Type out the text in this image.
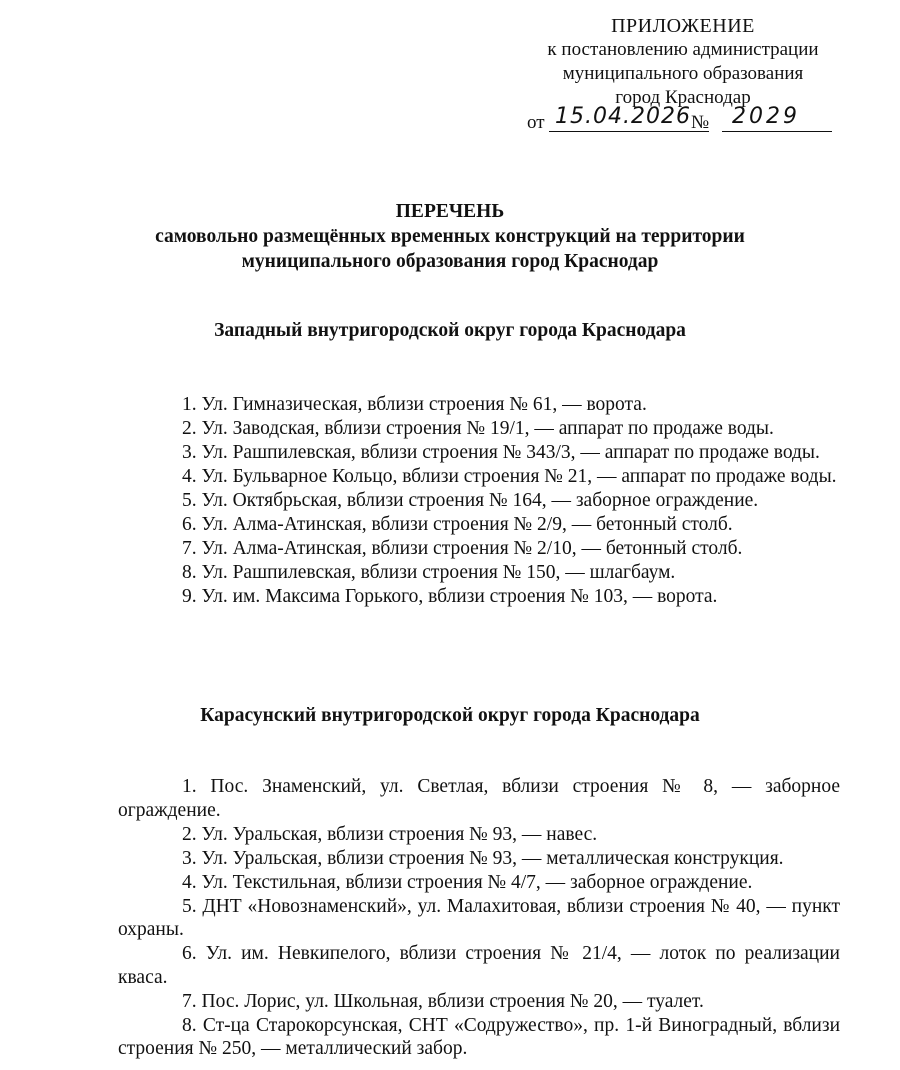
ПРИЛОЖЕНИЕ
к постановлению администрации
муниципального образования
город Краснодар
от 15.04.2026 №	2029
ПЕРЕЧЕНЬ
самовольно размещённых временных конструкций на территории
муниципального образования город Краснодар
Западный внутригородской округ города Краснодара
1. Ул. Гимназическая, вблизи строения № 61, — ворота.
2. Ул. Заводская, вблизи строения № 19/1, — аппарат по продаже воды.
3. Ул. Рашпилевская, вблизи строения № 343/3, — аппарат по продаже воды.
4. Ул. Бульварное Кольцо, вблизи строения № 21, — аппарат по продаже воды.
5. Ул. Октябрьская, вблизи строения № 164, — заборное ограждение.
6. Ул. Алма-Атинская, вблизи строения № 2/9, — бетонный столб.
7. Ул. Алма-Атинская, вблизи строения № 2/10, — бетонный столб.
8. Ул. Рашпилевская, вблизи строения № 150, — шлагбаум.
9. Ул. им. Максима Горького, вблизи строения № 103, — ворота.
Карасунский внутригородской округ города Краснодара
1. Пос. Знаменский, ул. Светлая, вблизи строения № 8, — заборное ограждение.
2. Ул. Уральская, вблизи строения № 93, — навес.
3. Ул. Уральская, вблизи строения № 93, — металлическая конструкция.
4. Ул. Текстильная, вблизи строения № 4/7, — заборное ограждение.
5. ДНТ «Новознаменский», ул. Малахитовая, вблизи строения № 40, — пункт охраны.
6. Ул. им. Невкипелого, вблизи строения № 21/4, — лоток по реализации кваса.
7. Пос. Лорис, ул. Школьная, вблизи строения № 20, — туалет.
8. Ст-ца Старокорсунская, СНТ «Содружество», пр. 1-й Виноградный, вблизи строения № 250, — металлический забор.
